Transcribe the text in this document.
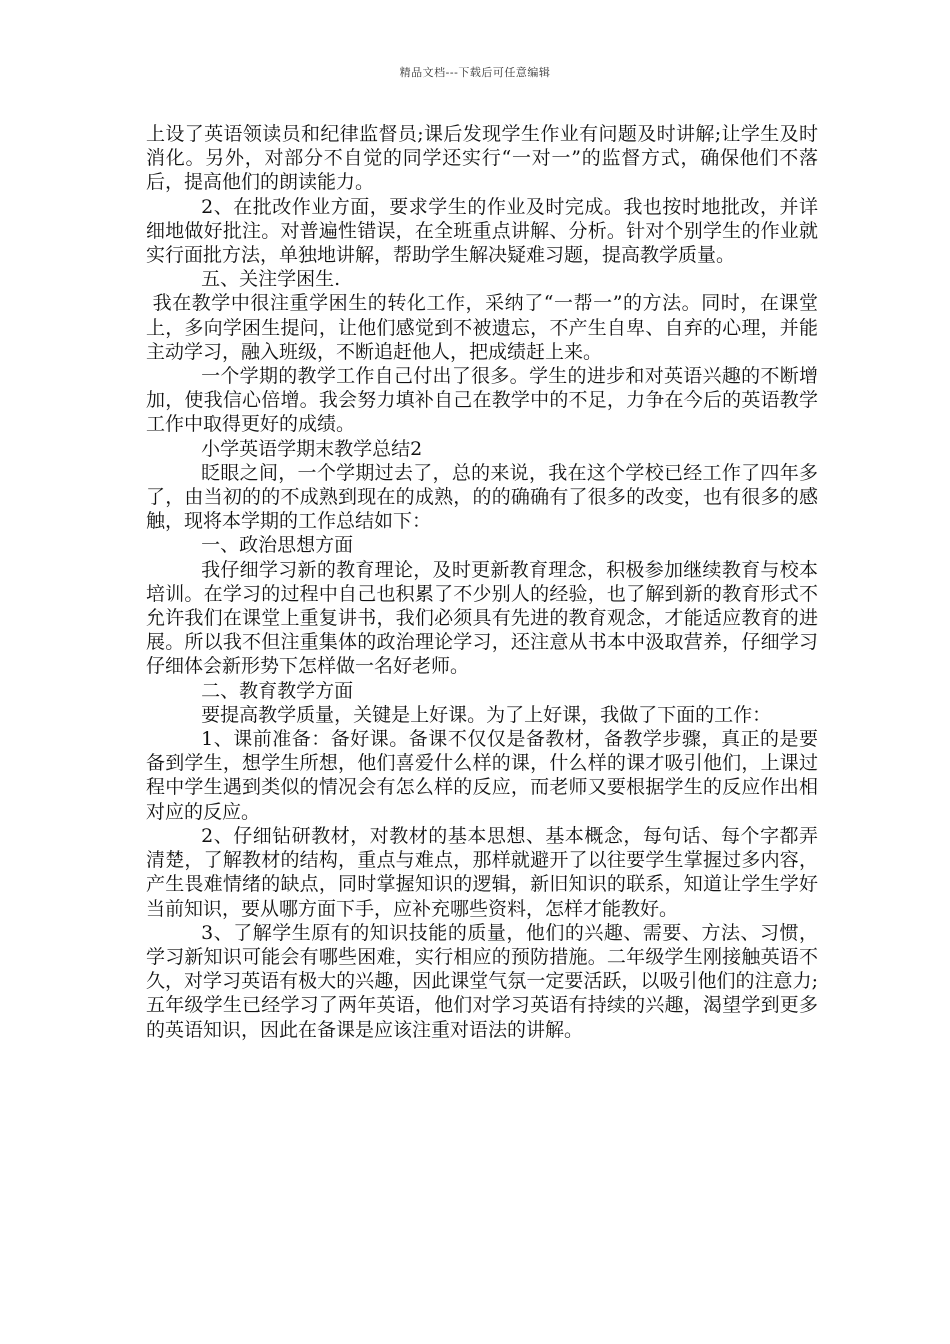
精品文档---下载后可任意编辑

上设了英语领读员和纪律监督员;课后发现学生作业有问题及时讲解;让学生及时消化。另外，对部分不自觉的同学还实行“一对一”的监督方式，确保他们不落后，提高他们的朗读能力。

2、在批改作业方面，要求学生的作业及时完成。我也按时地批改，并详细地做好批注。对普遍性错误，在全班重点讲解、分析。针对个别学生的作业就实行面批方法，单独地讲解，帮助学生解决疑难习题，提高教学质量。

五、关注学困生.

我在教学中很注重学困生的转化工作，采纳了“一帮一”的方法。同时，在课堂上，多向学困生提问，让他们感觉到不被遗忘，不产生自卑、自弃的心理，并能主动学习，融入班级，不断追赶他人，把成绩赶上来。

一个学期的教学工作自己付出了很多。学生的进步和对英语兴趣的不断增加，使我信心倍增。我会努力填补自己在教学中的不足，力争在今后的英语教学工作中取得更好的成绩。

小学英语学期末教学总结2

眨眼之间，一个学期过去了，总的来说，我在这个学校已经工作了四年多了，由当初的的不成熟到现在的成熟，的的确确有了很多的改变，也有很多的感触，现将本学期的工作总结如下：

一、政治思想方面

我仔细学习新的教育理论，及时更新教育理念，积极参加继续教育与校本培训。在学习的过程中自己也积累了不少别人的经验，也了解到新的教育形式不允许我们在课堂上重复讲书，我们必须具有先进的教育观念，才能适应教育的进展。所以我不但注重集体的政治理论学习，还注意从书本中汲取营养，仔细学习仔细体会新形势下怎样做一名好老师。

二、教育教学方面

要提高教学质量，关键是上好课。为了上好课，我做了下面的工作：

1、课前准备：备好课。备课不仅仅是备教材，备教学步骤，真正的是要备到学生，想学生所想，他们喜爱什么样的课，什么样的课才吸引他们，上课过程中学生遇到类似的情况会有怎么样的反应，而老师又要根据学生的反应作出相对应的反应。

2、仔细钻研教材，对教材的基本思想、基本概念，每句话、每个字都弄清楚，了解教材的结构，重点与难点，那样就避开了以往要学生掌握过多内容，产生畏难情绪的缺点，同时掌握知识的逻辑，新旧知识的联系，知道让学生学好当前知识，要从哪方面下手，应补充哪些资料，怎样才能教好。

3、了解学生原有的知识技能的质量，他们的兴趣、需要、方法、习惯，学习新知识可能会有哪些困难，实行相应的预防措施。二年级学生刚接触英语不久，对学习英语有极大的兴趣，因此课堂气氛一定要活跃，以吸引他们的注意力;五年级学生已经学习了两年英语，他们对学习英语有持续的兴趣，渴望学到更多的英语知识，因此在备课是应该注重对语法的讲解。
